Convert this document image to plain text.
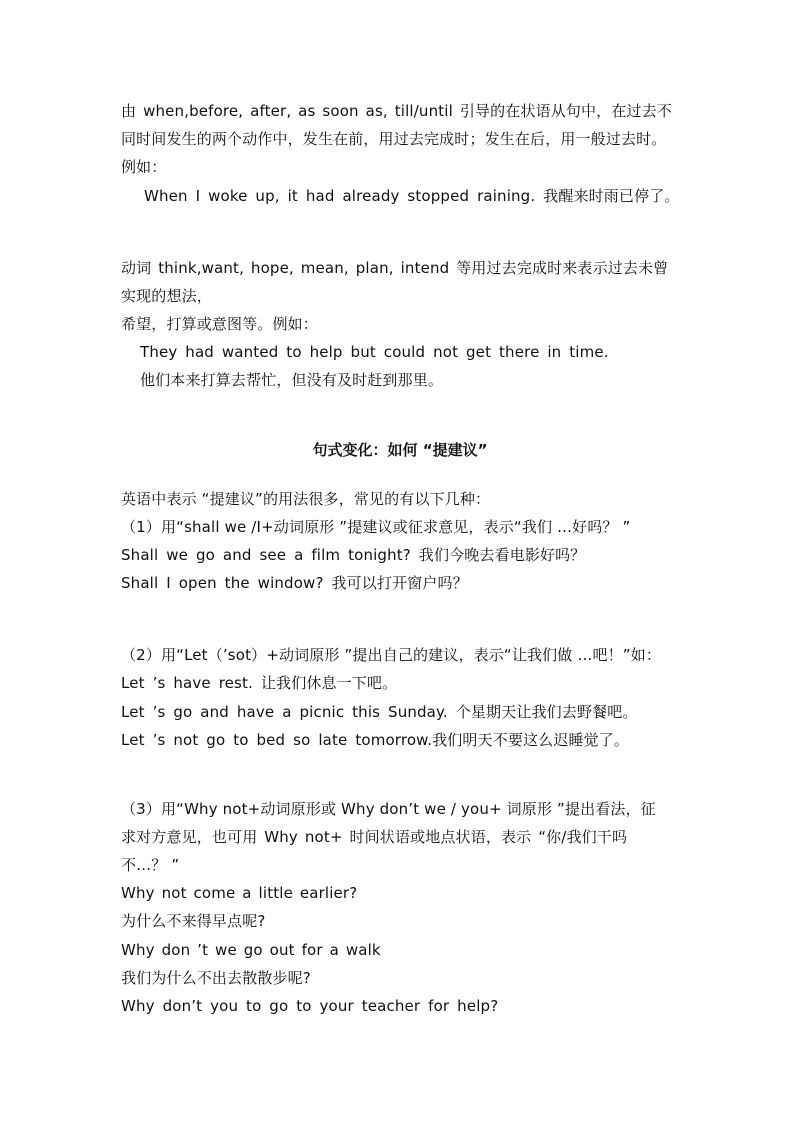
由 when,before, after, as soon as, till/until 引导的在状语从句中，在过去不
同时间发生的两个动作中，发生在前，用过去完成时；发生在后，用一般过去时。
例如：
When I woke up, it had already stopped raining. 我醒来时雨已停了。
动词 think,want, hope, mean, plan, intend 等用过去完成时来表示过去未曾
实现的想法，
希望，打算或意图等。例如：
They had wanted to help but could not get there in time.
他们本来打算去帮忙，但没有及时赶到那里。
句式变化：如何 “提建议”
英语中表示 “提建议”的用法很多，常见的有以下几种：
（1）用“shall we /I+动词原形 ”提建议或征求意见，表示“我们 …好吗？ ”
Shall we go and see a film tonight? 我们今晚去看电影好吗？
Shall I open the window? 我可以打开窗户吗？
（2）用“Let（’sot）+动词原形 ”提出自己的建议，表示“让我们做 …吧！”如：
Let ’s have rest. 让我们休息一下吧。
Let ’s go and have a picnic this Sunday. 个星期天让我们去野餐吧。
Let ’s not go to bed so late tomorrow.我们明天不要这么迟睡觉了。
（3）用“Why not+动词原形或 Why don’t we / you+ 词原形 ”提出看法，征
求对方意见，也可用 Why not+ 时间状语或地点状语，表示 “你/我们干吗
不…？ ”
Why not come a little earlier?
为什么不来得早点呢?
Why don ’t we go out for a walk
我们为什么不出去散散步呢?
Why don’t you to go to your teacher for help?
